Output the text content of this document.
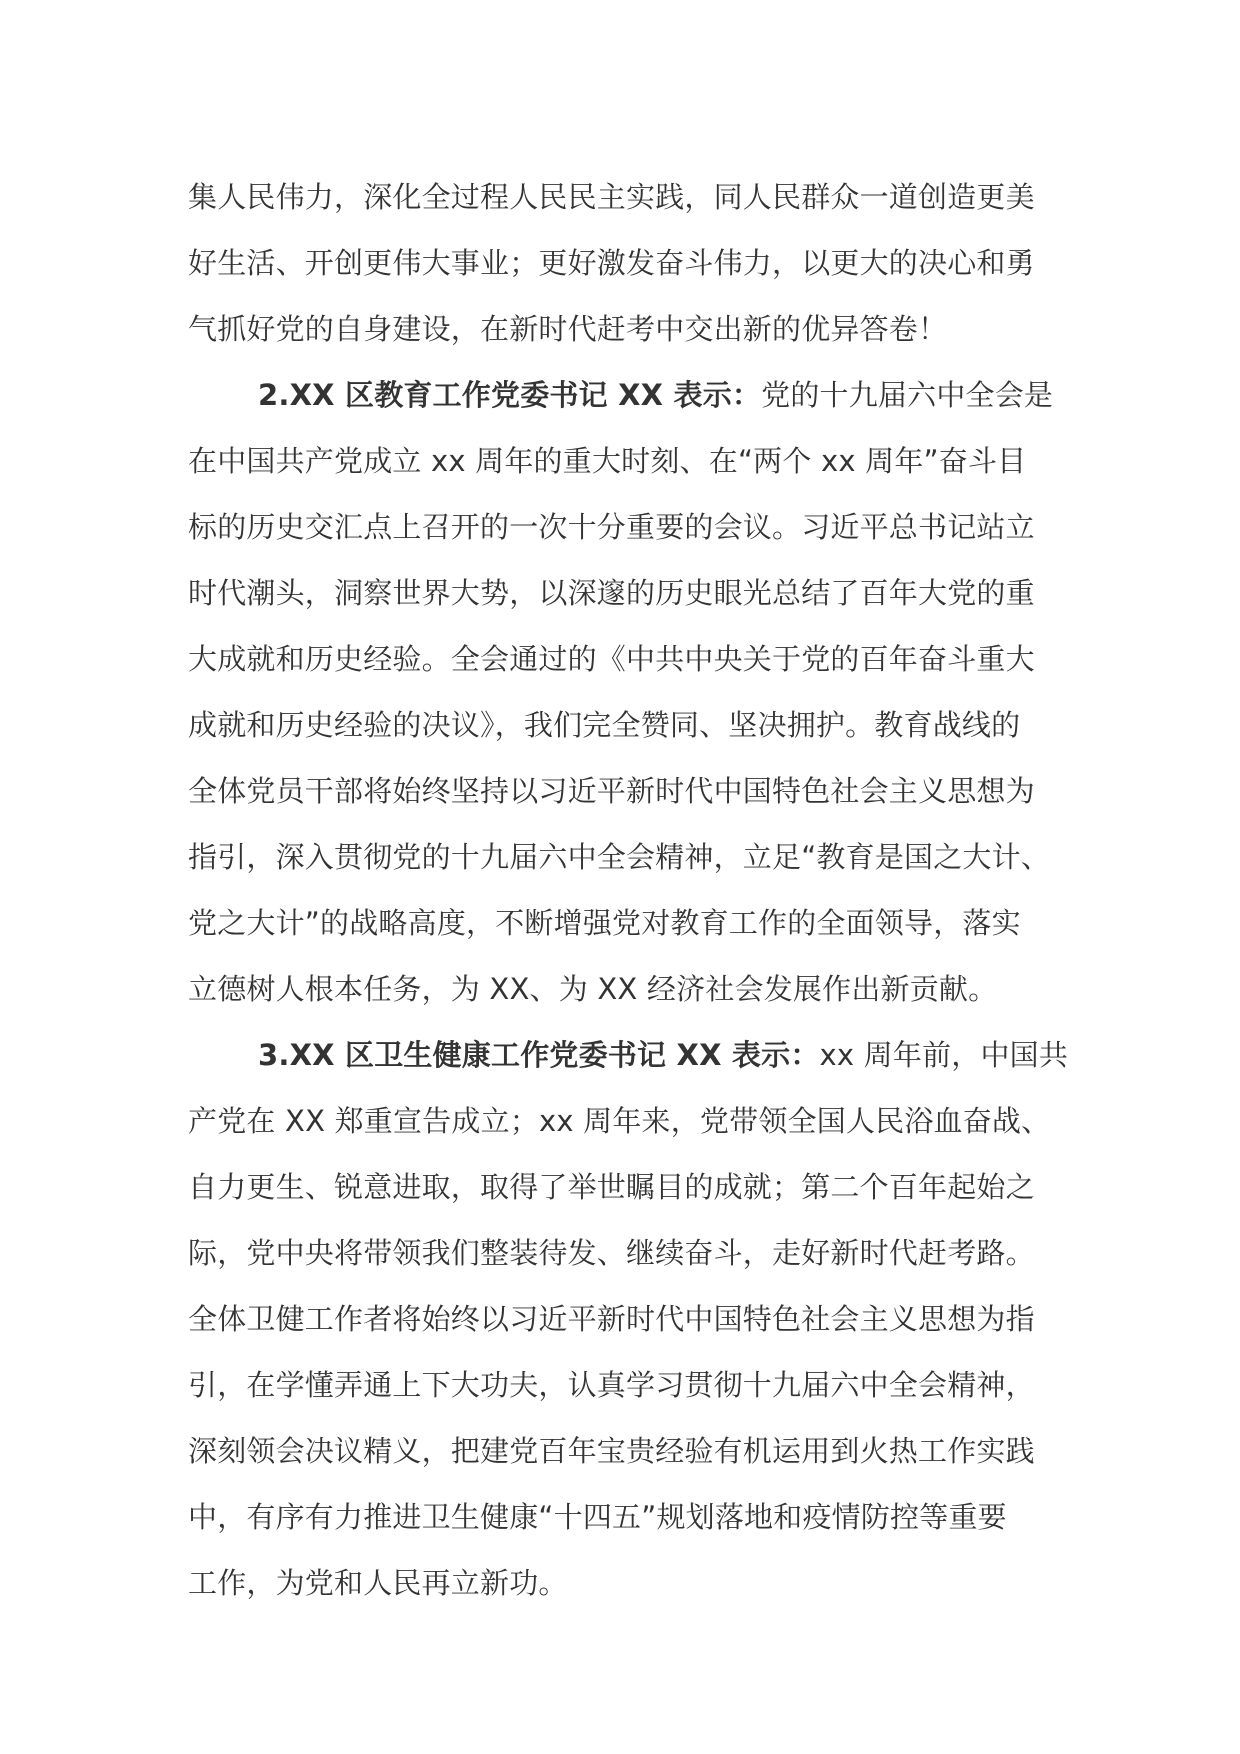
集人民伟力，深化全过程人民民主实践，同人民群众一道创造更美
好生活、开创更伟大事业；更好激发奋斗伟力，以更大的决心和勇
气抓好党的自身建设，在新时代赶考中交出新的优异答卷！
2.XX 区教育工作党委书记 XX 表示：党的十九届六中全会是
在中国共产党成立 xx 周年的重大时刻、在“两个 xx 周年”奋斗目
标的历史交汇点上召开的一次十分重要的会议。习近平总书记站立
时代潮头，洞察世界大势，以深邃的历史眼光总结了百年大党的重
大成就和历史经验。全会通过的《中共中央关于党的百年奋斗重大
成就和历史经验的决议》，我们完全赞同、坚决拥护。教育战线的
全体党员干部将始终坚持以习近平新时代中国特色社会主义思想为
指引，深入贯彻党的十九届六中全会精神，立足“教育是国之大计、
党之大计”的战略高度，不断增强党对教育工作的全面领导，落实
立德树人根本任务，为 XX、为 XX 经济社会发展作出新贡献。
3.XX 区卫生健康工作党委书记 XX 表示：xx 周年前，中国共
产党在 XX 郑重宣告成立；xx 周年来，党带领全国人民浴血奋战、
自力更生、锐意进取，取得了举世瞩目的成就；第二个百年起始之
际，党中央将带领我们整装待发、继续奋斗，走好新时代赶考路。
全体卫健工作者将始终以习近平新时代中国特色社会主义思想为指
引，在学懂弄通上下大功夫，认真学习贯彻十九届六中全会精神，
深刻领会决议精义，把建党百年宝贵经验有机运用到火热工作实践
中，有序有力推进卫生健康“十四五”规划落地和疫情防控等重要
工作，为党和人民再立新功。
